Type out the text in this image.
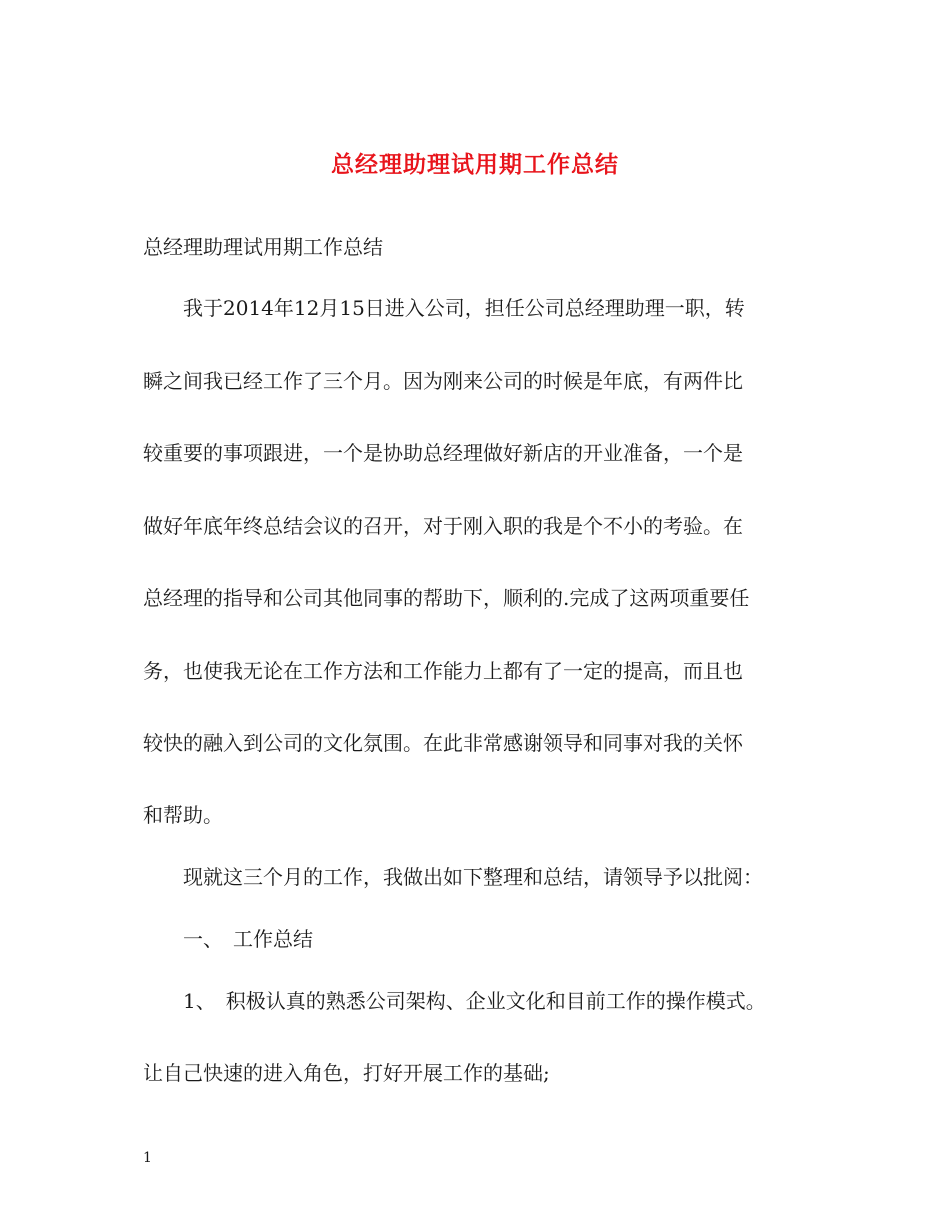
总经理助理试用期工作总结
总经理助理试用期工作总结
　　我于2014年12月15日进入公司，担任公司总经理助理一职，转
瞬之间我已经工作了三个月。因为刚来公司的时候是年底，有两件比
较重要的事项跟进，一个是协助总经理做好新店的开业准备，一个是
做好年底年终总结会议的召开，对于刚入职的我是个不小的考验。在
总经理的指导和公司其他同事的帮助下，顺利的.完成了这两项重要任
务，也使我无论在工作方法和工作能力上都有了一定的提高，而且也
较快的融入到公司的文化氛围。在此非常感谢领导和同事对我的关怀
和帮助。
　　现就这三个月的工作，我做出如下整理和总结，请领导予以批阅：
　　一、　工作总结
　　1、　积极认真的熟悉公司架构、企业文化和目前工作的操作模式。
让自己快速的进入角色，打好开展工作的基础;
1
